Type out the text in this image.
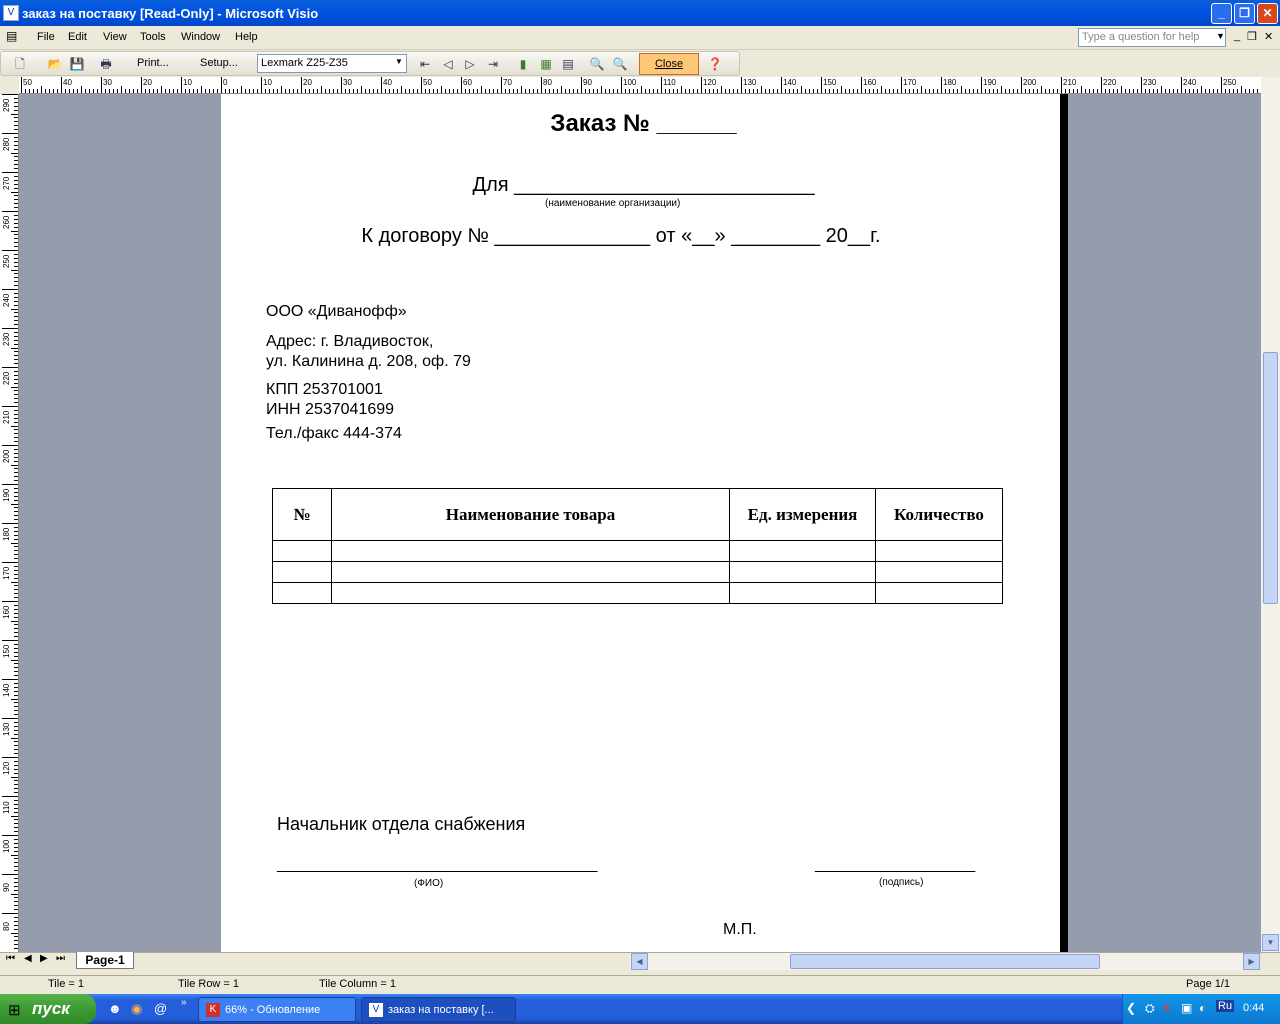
заказ на поставку [Read-Only] - Microsoft Visio
V	_	❐	✕
▤ File Edit View Tools Window Help	Type a question for help	▼ _ ❐ ✕
🗋	📂 💾 🖶	Print...	Setup...	Lexmark Z25-Z35	▼	⇤	◁	▷	⇥	▮	▦ ▤ 🔍 🔍	Close	❓
50	40	30	20	10	0	10	20	30	40	50	60	70	80	90	100	110	120	130	140	150	160	170	180	190	200	210	220	230	240	250
290
280
270
260
250
240
230
220
210
200
190
180
170
160
150
140
130
120
110
100
90
80
Заказ № ______
Для ___________________________
(наименование организации)
К договору № ______________ от «__» ________ 20__г.
ООО «Диванофф»
Адрес: г. Владивосток,
ул. Калинина д. 208, оф. 79
КПП 253701001
ИНН 2537041699
Тел./факс 444-374
№	Наименование товара	Ед. измерения	Количество

Начальник отдела снабжения
____________________________________
(ФИО)
__________________
(подпись)
М.П.
▼
⏮ ◀ ▶ ⏭	Page-1	◀	▶
Tile = 1	Tile Row = 1	Tile Column = 1	Page 1/1
пуск
⊞	☻ ◉ @ »
66% - Обновление
K	заказ на поставку [...
V	❮ ⛭ K ▣ ◐ Ru 0:44
